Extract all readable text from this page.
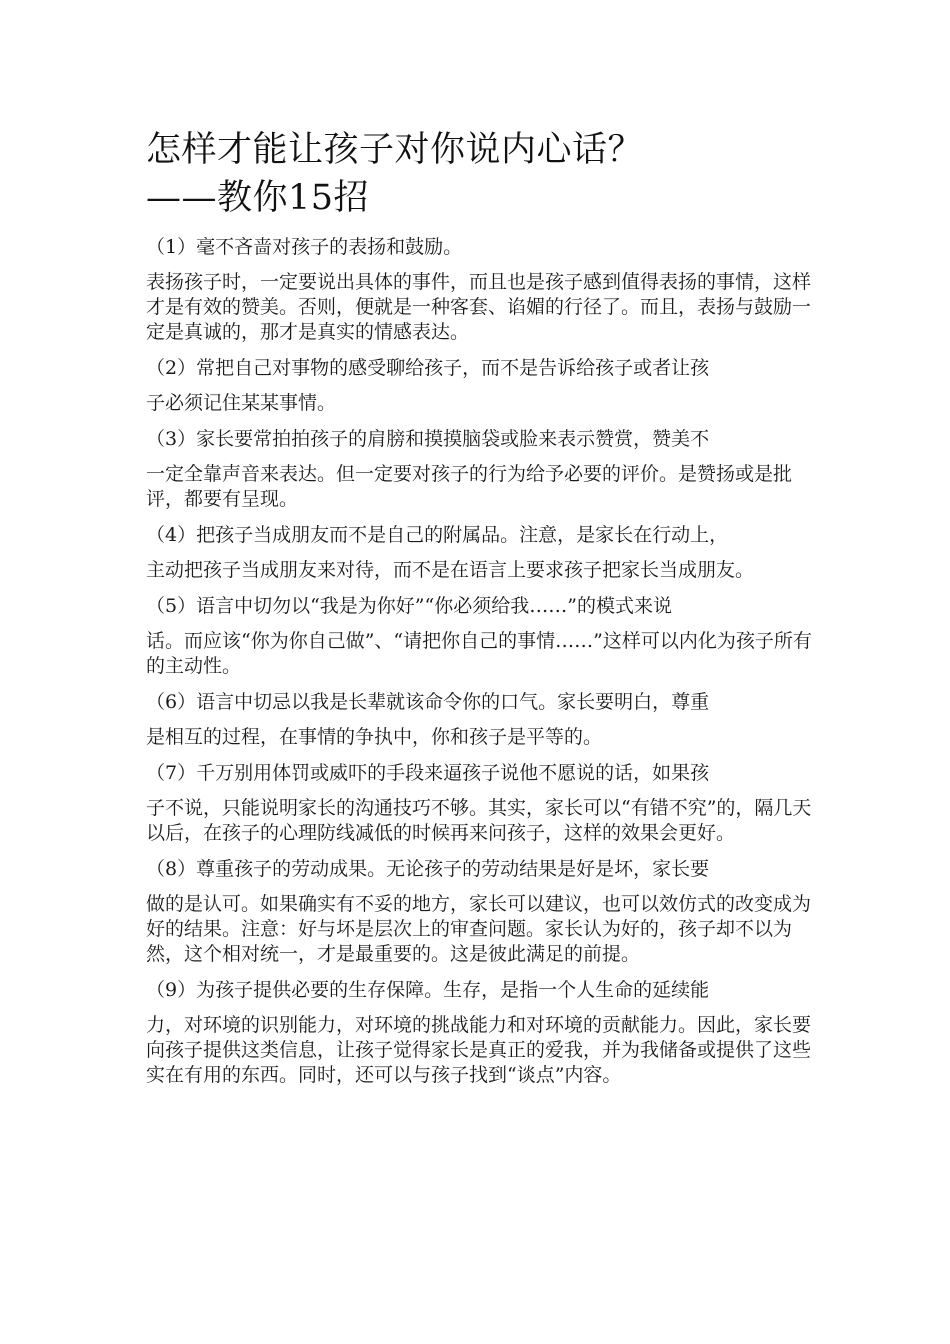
怎样才能让孩子对你说内心话？
——教你15招

（1）毫不吝啬对孩子的表扬和鼓励。

表扬孩子时，一定要说出具体的事件，而且也是孩子感到值得表扬的事情，这样才是有效的赞美。否则，便就是一种客套、谄媚的行径了。而且，表扬与鼓励一定是真诚的，那才是真实的情感表达。

（2）常把自己对事物的感受聊给孩子，而不是告诉给孩子或者让孩

子必须记住某某事情。

（3）家长要常拍拍孩子的肩膀和摸摸脑袋或脸来表示赞赏，赞美不

一定全靠声音来表达。但一定要对孩子的行为给予必要的评价。是赞扬或是批评，都要有呈现。

（4）把孩子当成朋友而不是自己的附属品。注意，是家长在行动上，

主动把孩子当成朋友来对待，而不是在语言上要求孩子把家长当成朋友。

（5）语言中切勿以“我是为你好”“你必须给我……”的模式来说

话。而应该“你为你自己做”、“请把你自己的事情……”这样可以内化为孩子所有的主动性。

（6）语言中切忌以我是长辈就该命令你的口气。家长要明白，尊重

是相互的过程，在事情的争执中，你和孩子是平等的。

（7）千万别用体罚或威吓的手段来逼孩子说他不愿说的话，如果孩

子不说，只能说明家长的沟通技巧不够。其实，家长可以“有错不究”的，隔几天以后，在孩子的心理防线减低的时候再来问孩子，这样的效果会更好。

（8）尊重孩子的劳动成果。无论孩子的劳动结果是好是坏，家长要

做的是认可。如果确实有不妥的地方，家长可以建议，也可以效仿式的改变成为好的结果。注意：好与坏是层次上的审查问题。家长认为好的，孩子却不以为然，这个相对统一，才是最重要的。这是彼此满足的前提。

（9）为孩子提供必要的生存保障。生存，是指一个人生命的延续能

力，对环境的识别能力，对环境的挑战能力和对环境的贡献能力。因此，家长要向孩子提供这类信息，让孩子觉得家长是真正的爱我，并为我储备或提供了这些实在有用的东西。同时，还可以与孩子找到“谈点”内容。
